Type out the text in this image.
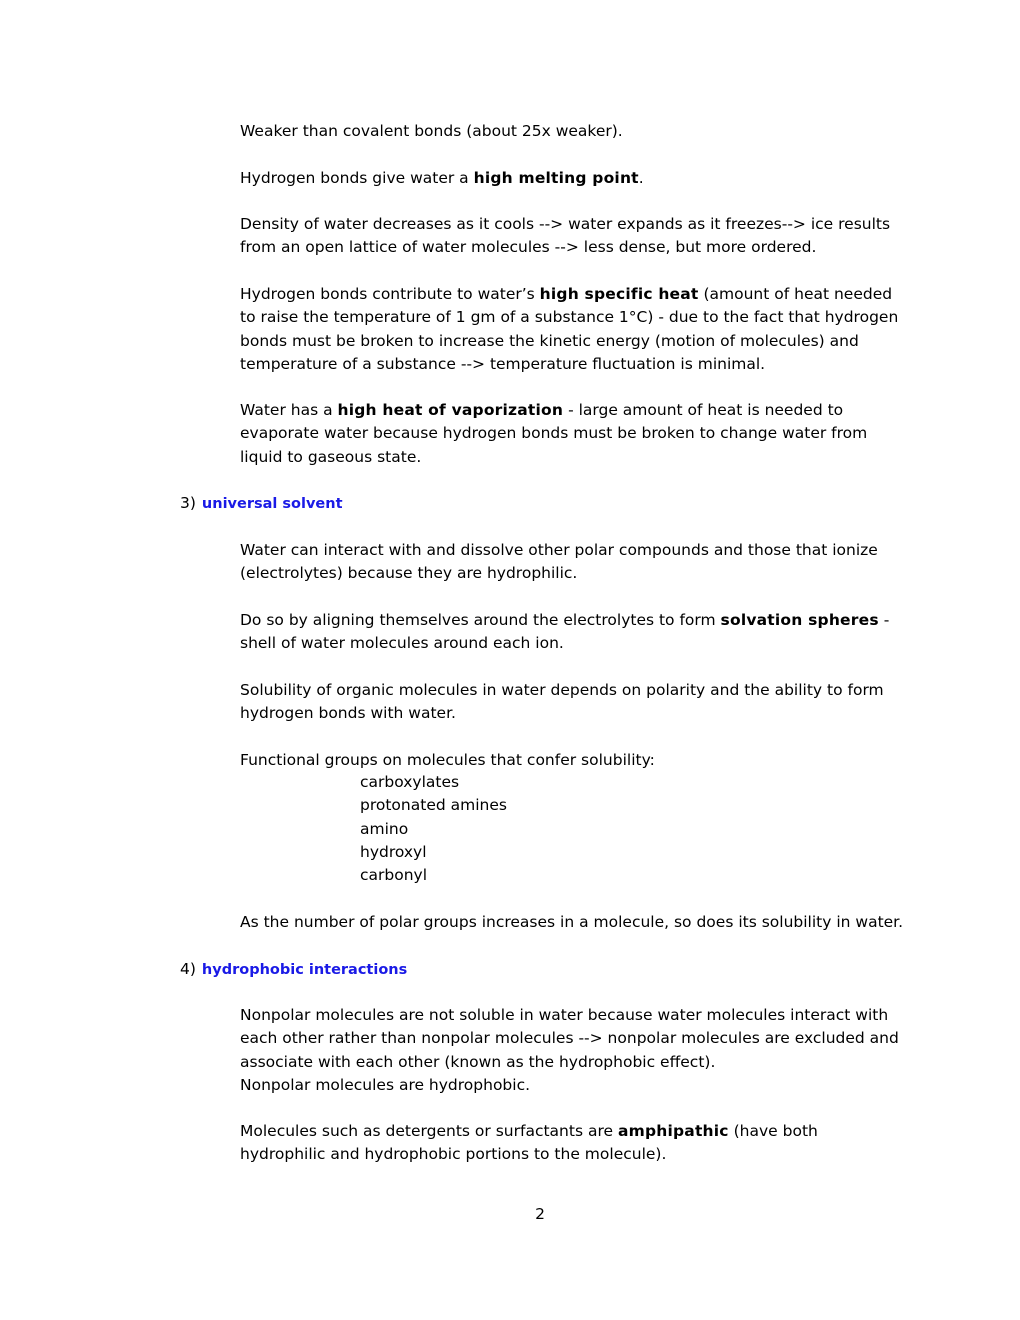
Weaker than covalent bonds (about 25x weaker).

Hydrogen bonds give water a high melting point.

Density of water decreases as it cools --> water expands as it freezes--> ice results from an open lattice of water molecules --> less dense, but more ordered.

Hydrogen bonds contribute to water’s high specific heat (amount of heat needed to raise the temperature of 1 gm of a substance 1°C) - due to the fact that hydrogen bonds must be broken to increase the kinetic energy (motion of molecules) and temperature of a substance --> temperature fluctuation is minimal.

Water has a high heat of vaporization - large amount of heat is needed to evaporate water because hydrogen bonds must be broken to change water from liquid to gaseous state.

3) universal solvent

Water can interact with and dissolve other polar compounds and those that ionize (electrolytes) because they are hydrophilic.

Do so by aligning themselves around the electrolytes to form solvation spheres - shell of water molecules around each ion.

Solubility of organic molecules in water depends on polarity and the ability to form hydrogen bonds with water.

Functional groups on molecules that confer solubility:

carboxylates
protonated amines
amino
hydroxyl
carbonyl

As the number of polar groups increases in a molecule, so does its solubility in water.

4) hydrophobic interactions

Nonpolar molecules are not soluble in water because water molecules interact with each other rather than nonpolar molecules --> nonpolar molecules are excluded and associate with each other (known as the hydrophobic effect).
Nonpolar molecules are hydrophobic.

Molecules such as detergents or surfactants are amphipathic (have both hydrophilic and hydrophobic portions to the molecule).

2
